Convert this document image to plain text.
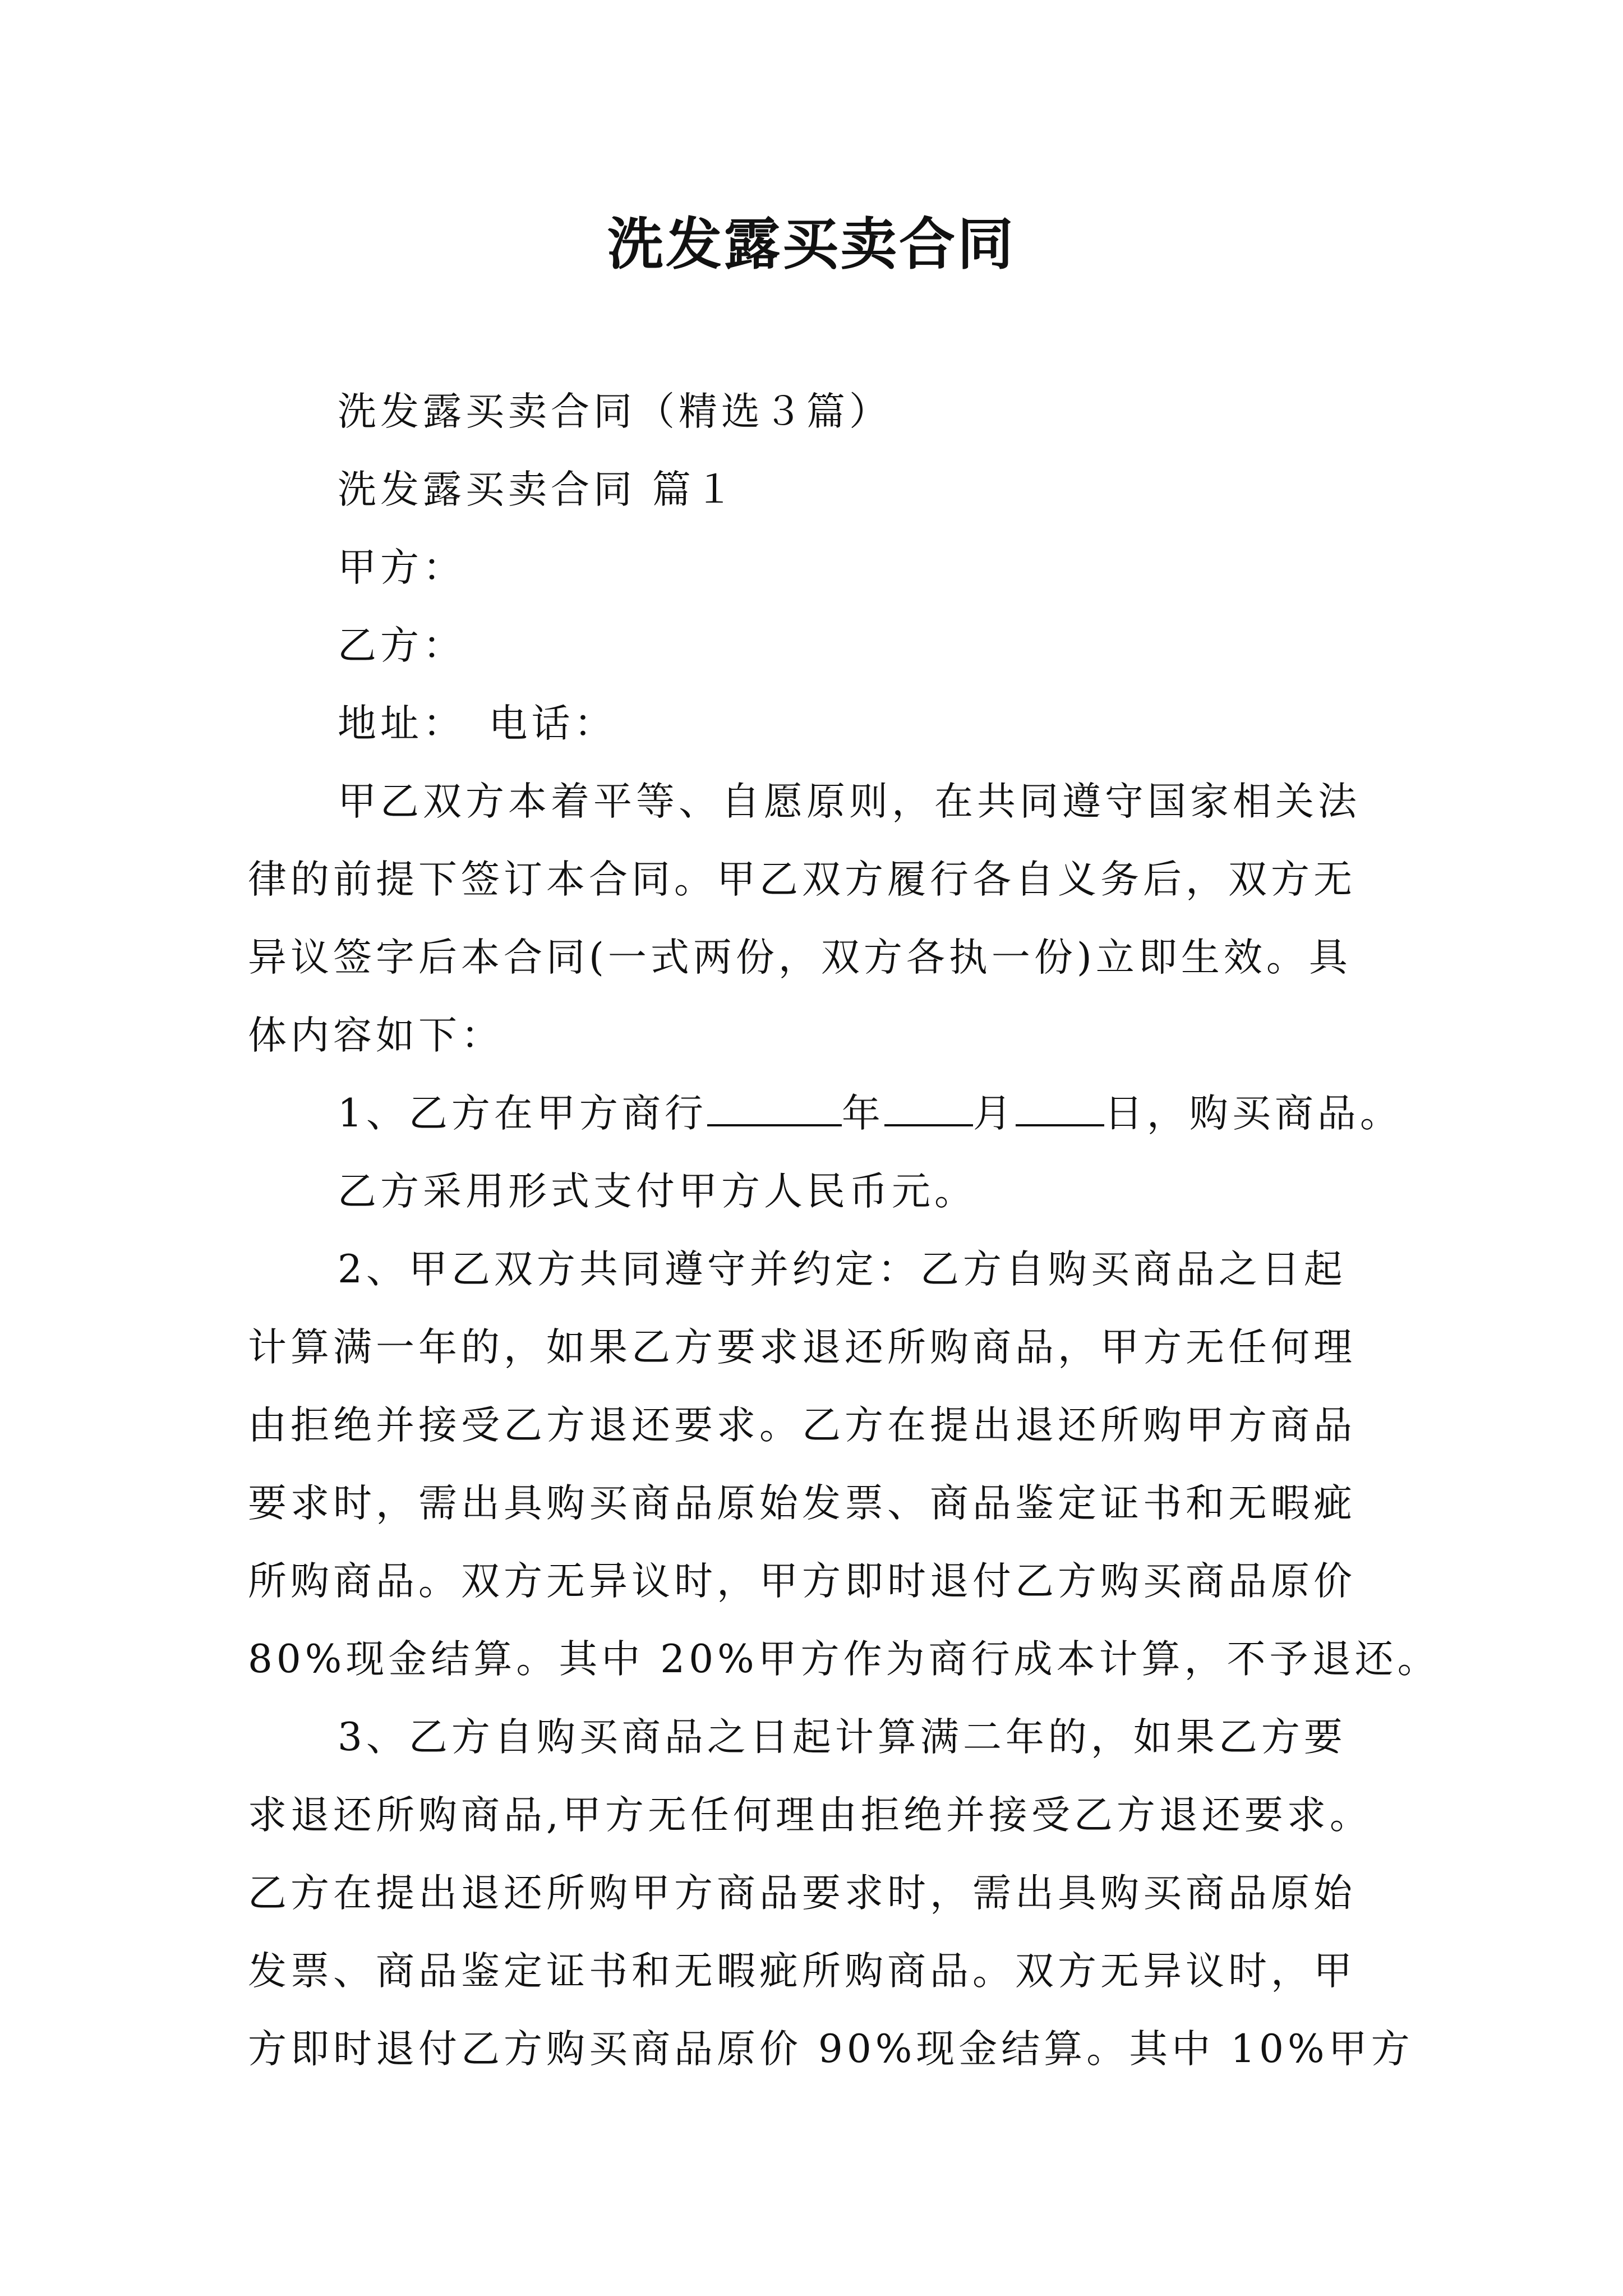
洗发露买卖合同
洗发露买卖合同（精选３篇）
洗发露买卖合同 篇１
甲方：
乙方：
地址：　电话：
甲乙双方本着平等、自愿原则，在共同遵守国家相关法
律的前提下签订本合同。甲乙双方履行各自义务后，双方无
异议签字后本合同(一式两份，双方各执一份)立即生效。具
体内容如下：
1、乙方在甲方商行	年 月 日，购买商品。
乙方采用形式支付甲方人民币元。
2、甲乙双方共同遵守并约定：乙方自购买商品之日起
计算满一年的，如果乙方要求退还所购商品，甲方无任何理
由拒绝并接受乙方退还要求。乙方在提出退还所购甲方商品
要求时，需出具购买商品原始发票、商品鉴定证书和无暇疵
所购商品。双方无异议时，甲方即时退付乙方购买商品原价
80%现金结算。其中 20%甲方作为商行成本计算，不予退还。
3、乙方自购买商品之日起计算满二年的，如果乙方要
求退还所购商品,甲方无任何理由拒绝并接受乙方退还要求。
乙方在提出退还所购甲方商品要求时，需出具购买商品原始
发票、商品鉴定证书和无暇疵所购商品。双方无异议时，甲
方即时退付乙方购买商品原价 90%现金结算。其中 10%甲方
